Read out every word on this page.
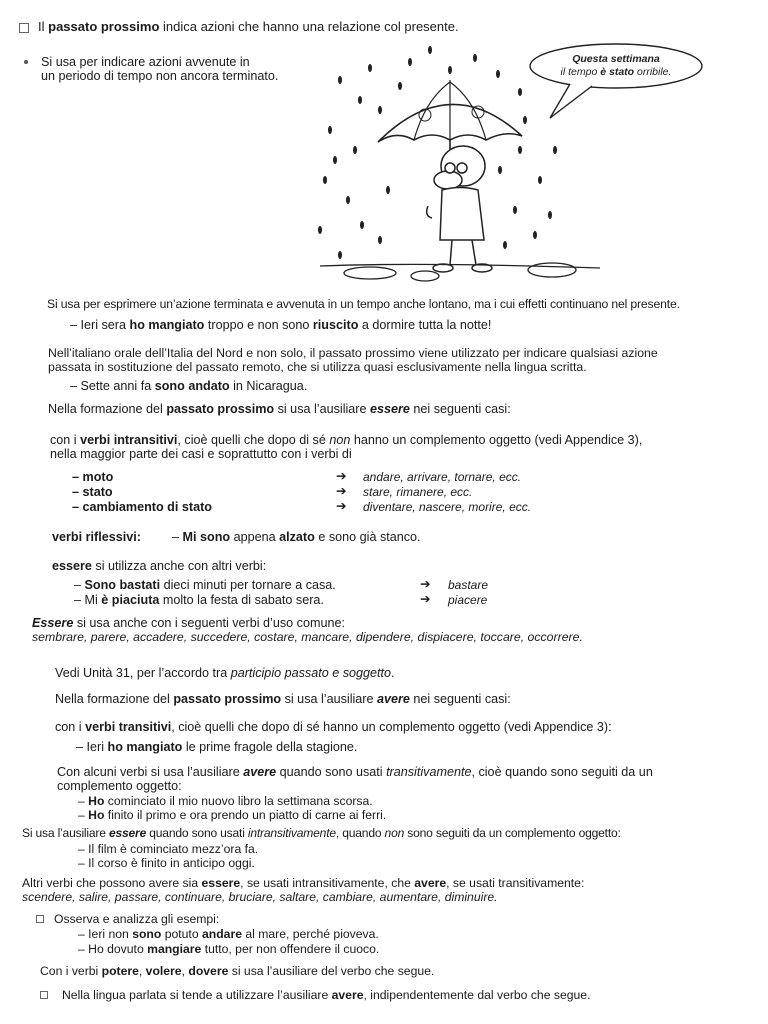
Il passato prossimo indica azioni che hanno una relazione col presente.
Si usa per indicare azioni avvenute in
un periodo di tempo non ancora terminato.
Questa settimana
il tempo è stato orribile.
Si usa per esprimere un’azione terminata e avvenuta in un tempo anche lontano, ma i cui effetti continuano nel presente.
– Ieri sera ho mangiato troppo e non sono riuscito a dormire tutta la notte!
Nell’italiano orale dell’Italia del Nord e non solo, il passato prossimo viene utilizzato per indicare qualsiasi azione
passata in sostituzione del passato remoto, che si utilizza quasi esclusivamente nella lingua scritta.
– Sette anni fa sono andato in Nicaragua.
Nella formazione del passato prossimo si usa l’ausiliare essere nei seguenti casi:
con i verbi intransitivi, cioè quelli che dopo di sé non hanno un complemento oggetto (vedi Appendice 3),
nella maggior parte dei casi e soprattutto con i verbi di
– moto	➔ andare, arrivare, tornare, ecc.
– stato	➔ stare, rimanere, ecc.
– cambiamento di stato	➔ diventare, nascere, morire, ecc.
verbi riflessivi: – Mi sono appena alzato e sono già stanco.
essere si utilizza anche con altri verbi:
– Sono bastati dieci minuti per tornare a casa.	➔ bastare
– Mi è piaciuta molto la festa di sabato sera.	➔ piacere
Essere si usa anche con i seguenti verbi d’uso comune:
sembrare, parere, accadere, succedere, costare, mancare, dipendere, dispiacere, toccare, occorrere.
Vedi Unità 31, per l’accordo tra participio passato e soggetto.
Nella formazione del passato prossimo si usa l’ausiliare avere nei seguenti casi:
con i verbi transitivi, cioè quelli che dopo di sé hanno un complemento oggetto (vedi Appendice 3):
– Ieri ho mangiato le prime fragole della stagione.
Con alcuni verbi si usa l’ausiliare avere quando sono usati transitivamente, cioè quando sono seguiti da un
complemento oggetto:
– Ho cominciato il mio nuovo libro la settimana scorsa.
– Ho finito il primo e ora prendo un piatto di carne ai ferri.
Si usa l’ausiliare essere quando sono usati intransitivamente, quando non sono seguiti da un complemento oggetto:
– Il film è cominciato mezz’ora fa.
– Il corso è finito in anticipo oggi.
Altri verbi che possono avere sia essere, se usati intransitivamente, che avere, se usati transitivamente:
scendere, salire, passare, continuare, bruciare, saltare, cambiare, aumentare, diminuire.
Osserva e analizza gli esempi:
– Ieri non sono potuto andare al mare, perché pioveva.
– Ho dovuto mangiare tutto, per non offendere il cuoco.
Con i verbi potere, volere, dovere si usa l’ausiliare del verbo che segue.
Nella lingua parlata si tende a utilizzare l’ausiliare avere, indipendentemente dal verbo che segue.
